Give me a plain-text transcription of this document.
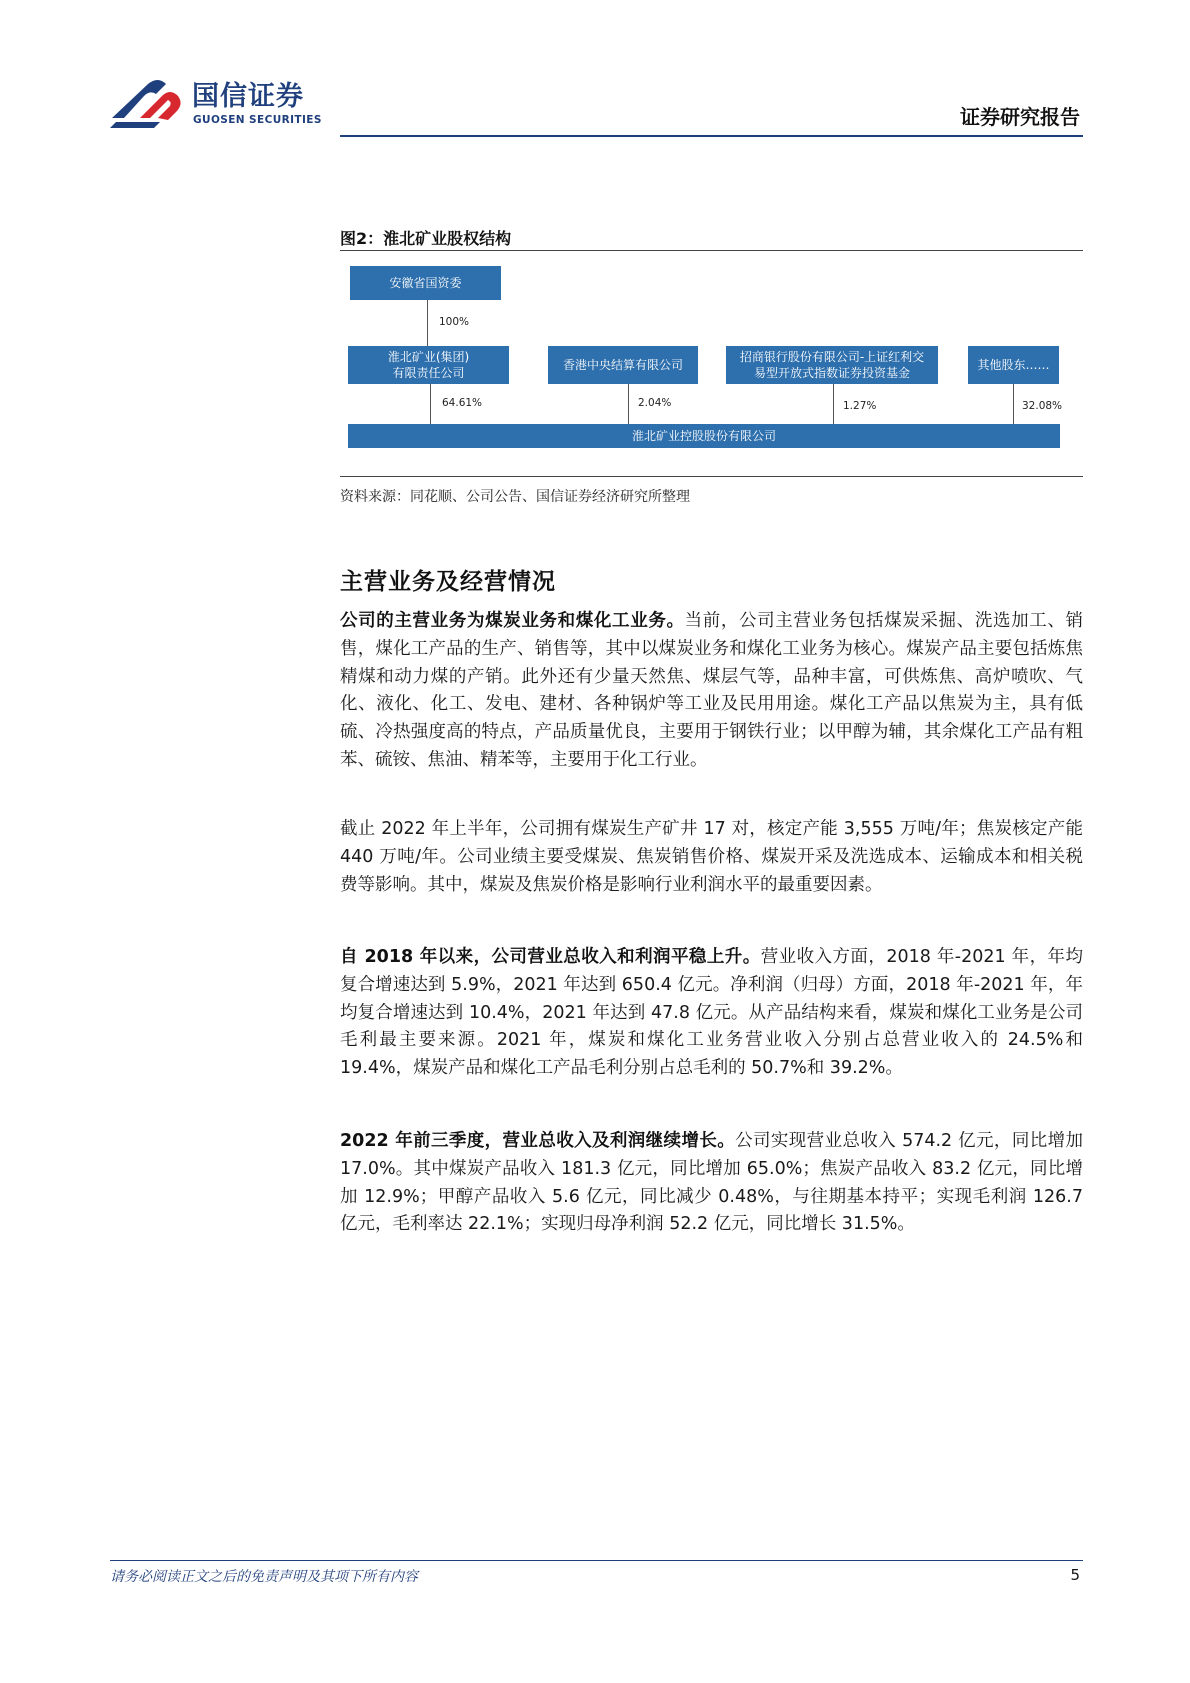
国信证券
GUOSEN SECURITIES	证券研究报告
图2：淮北矿业股权结构
安徽省国资委
100%
淮北矿业(集团)
有限责任公司
香港中央结算有限公司
招商银行股份有限公司-上证红利交
易型开放式指数证券投资基金
其他股东……
64.61%	2.04%	1.27%	32.08%
淮北矿业控股股份有限公司
资料来源：同花顺、公司公告、国信证券经济研究所整理
主营业务及经营情况
公司的主营业务为煤炭业务和煤化工业务。当前，公司主营业务包括煤炭采掘、洗选加工、销售，煤化工产品的生产、销售等，其中以煤炭业务和煤化工业务为核心。煤炭产品主要包括炼焦精煤和动力煤的产销。此外还有少量天然焦、煤层气等，品种丰富，可供炼焦、高炉喷吹、气化、液化、化工、发电、建材、各种锅炉等工业及民用用途。煤化工产品以焦炭为主，具有低硫、冷热强度高的特点，产品质量优良，主要用于钢铁行业；以甲醇为辅，其余煤化工产品有粗苯、硫铵、焦油、精苯等，主要用于化工行业。
截止 2022 年上半年，公司拥有煤炭生产矿井 17 对，核定产能 3,555 万吨/年；焦炭核定产能 440 万吨/年。公司业绩主要受煤炭、焦炭销售价格、煤炭开采及洗选成本、运输成本和相关税费等影响。其中，煤炭及焦炭价格是影响行业利润水平的最重要因素。
自 2018 年以来，公司营业总收入和利润平稳上升。营业收入方面，2018 年-2021 年，年均复合增速达到 5.9%，2021 年达到 650.4 亿元。净利润（归母）方面，2018 年-2021 年，年均复合增速达到 10.4%，2021 年达到 47.8 亿元。从产品结构来看，煤炭和煤化工业务是公司毛利最主要来源。2021 年，煤炭和煤化工业务营业收入分别占总营业收入的 24.5%和 19.4%，煤炭产品和煤化工产品毛利分别占总毛利的 50.7%和 39.2%。
2022 年前三季度，营业总收入及利润继续增长。公司实现营业总收入 574.2 亿元，同比增加 17.0%。其中煤炭产品收入 181.3 亿元，同比增加 65.0%；焦炭产品收入 83.2 亿元，同比增加 12.9%；甲醇产品收入 5.6 亿元，同比减少 0.48%，与往期基本持平；实现毛利润 126.7 亿元，毛利率达 22.1%；实现归母净利润 52.2 亿元，同比增长 31.5%。
请务必阅读正文之后的免责声明及其项下所有内容	5
